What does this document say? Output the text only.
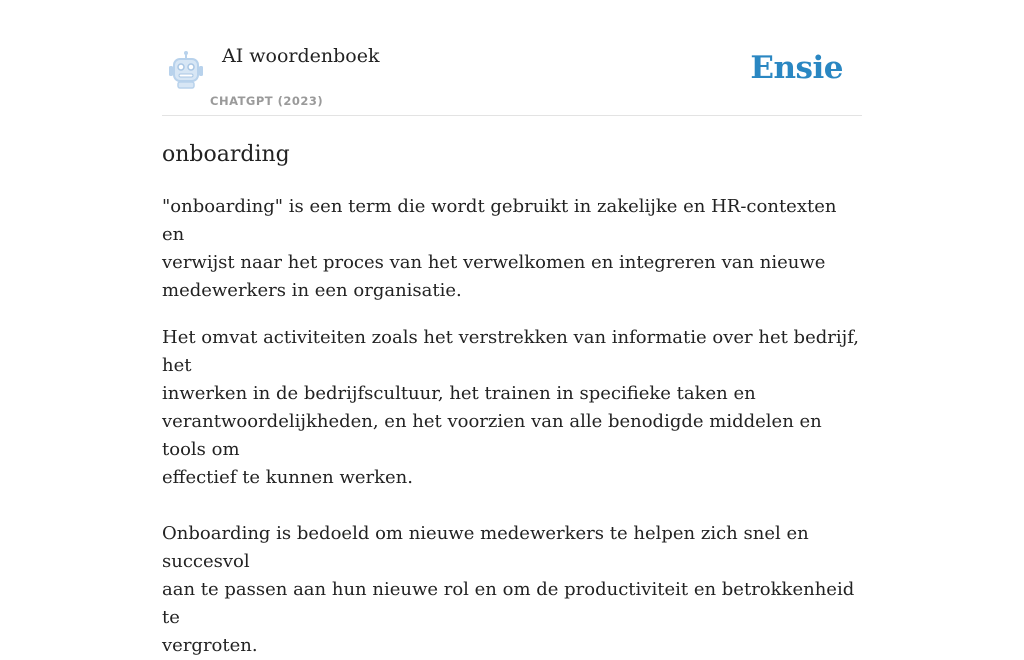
AI woordenboek
CHATGPT (2023)
Ensie
onboarding

"onboarding" is een term die wordt gebruikt in zakelijke en HR-contexten en
verwijst naar het proces van het verwelkomen en integreren van nieuwe
medewerkers in een organisatie.

Het omvat activiteiten zoals het verstrekken van informatie over het bedrijf, het
inwerken in de bedrijfscultuur, het trainen in specifieke taken en
verantwoordelijkheden, en het voorzien van alle benodigde middelen en tools om
effectief te kunnen werken.

Onboarding is bedoeld om nieuwe medewerkers te helpen zich snel en succesvol
aan te passen aan hun nieuwe rol en om de productiviteit en betrokkenheid te
vergroten.
